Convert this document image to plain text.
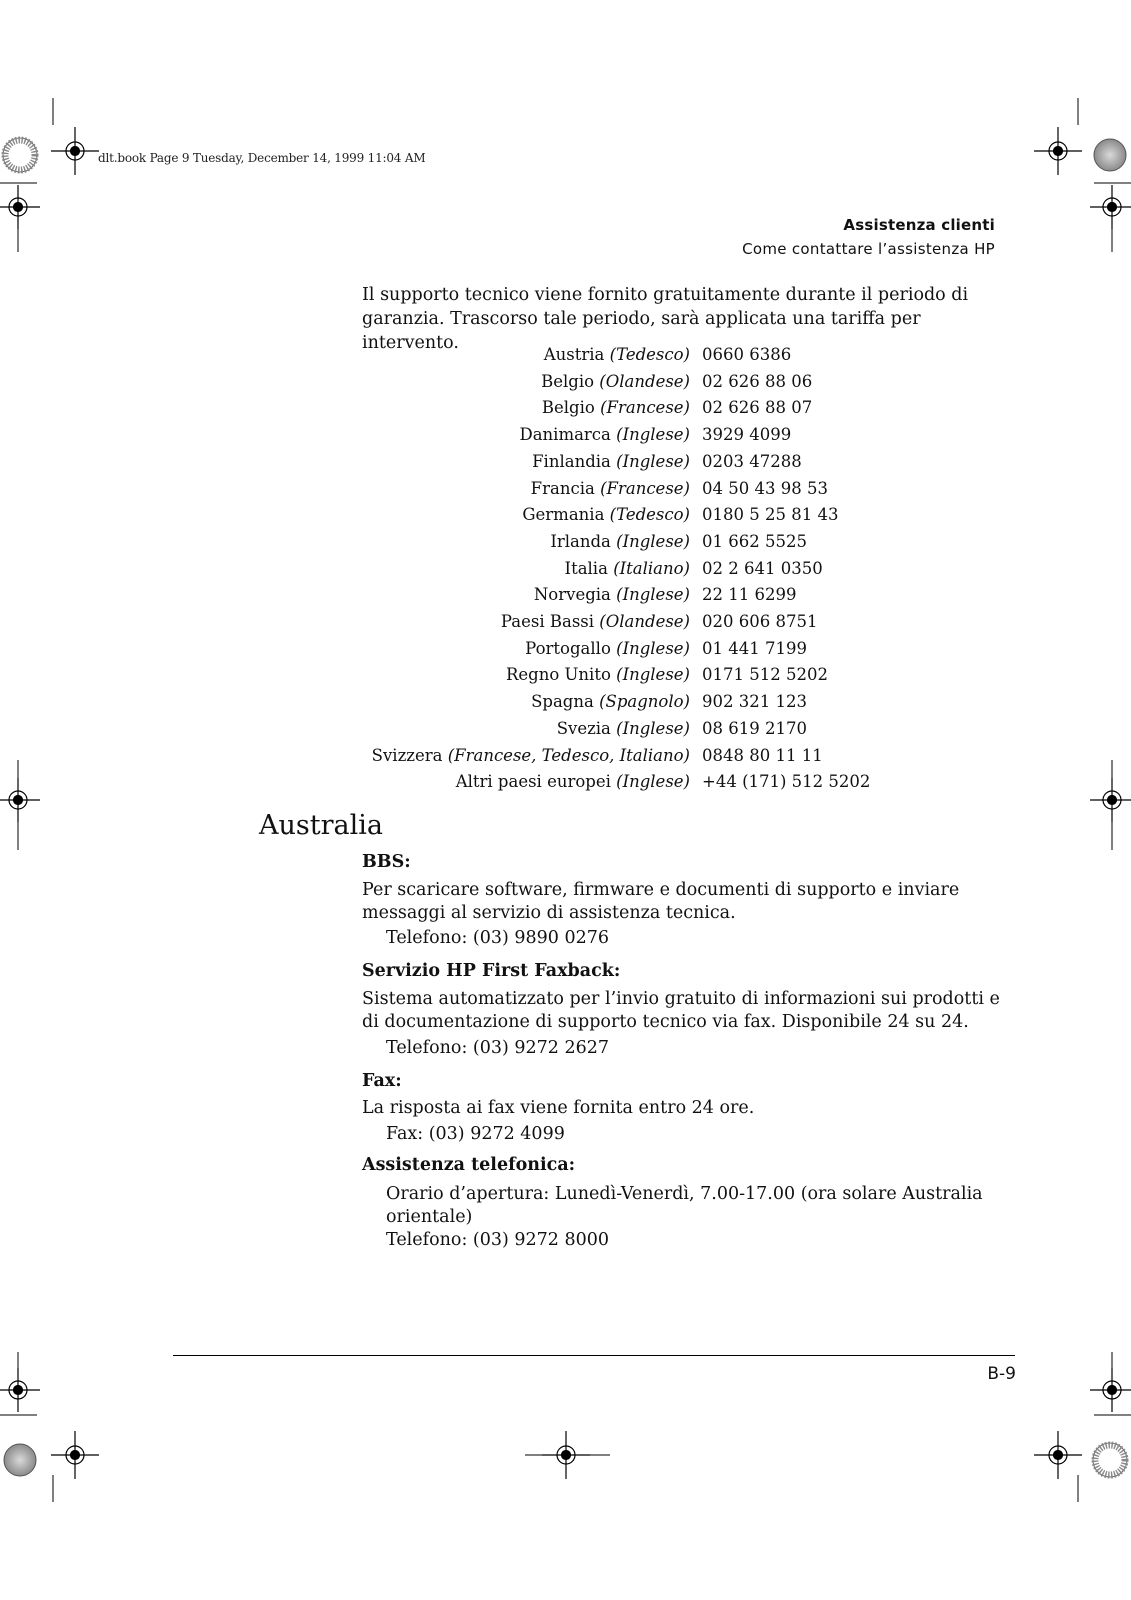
dlt.book Page 9 Tuesday, December 14, 1999 11:04 AM
Assistenza clienti
Come contattare l’assistenza HP
Il supporto tecnico viene fornito gratuitamente durante il periodo di garanzia. Trascorso tale periodo, sarà applicata una tariffa per intervento.
Austria (Tedesco)	0660 6386
Belgio (Olandese)	02 626 88 06
Belgio (Francese)	02 626 88 07
Danimarca (Inglese)	3929 4099
Finlandia (Inglese)	0203 47288
Francia (Francese)	04 50 43 98 53
Germania (Tedesco)	0180 5 25 81 43
Irlanda (Inglese)	01 662 5525
Italia (Italiano)	02 2 641 0350
Norvegia (Inglese)	22 11 6299
Paesi Bassi (Olandese)	020 606 8751
Portogallo (Inglese)	01 441 7199
Regno Unito (Inglese)	0171 512 5202
Spagna (Spagnolo)	902 321 123
Svezia (Inglese)	08 619 2170
Svizzera (Francese, Tedesco, Italiano)	0848 80 11 11
Altri paesi europei (Inglese)	+44 (171) 512 5202
Australia
BBS:
Per scaricare software, firmware e documenti di supporto e inviare messaggi al servizio di assistenza tecnica.
Telefono: (03) 9890 0276
Servizio HP First Faxback:
Sistema automatizzato per l’invio gratuito di informazioni sui prodotti e di documentazione di supporto tecnico via fax. Disponibile 24 su 24.
Telefono: (03) 9272 2627
Fax:
La risposta ai fax viene fornita entro 24 ore.
Fax: (03) 9272 4099
Assistenza telefonica:
Orario d’apertura: Lunedì-Venerdì, 7.00-17.00 (ora solare Australia orientale)
Telefono: (03) 9272 8000
B-9
